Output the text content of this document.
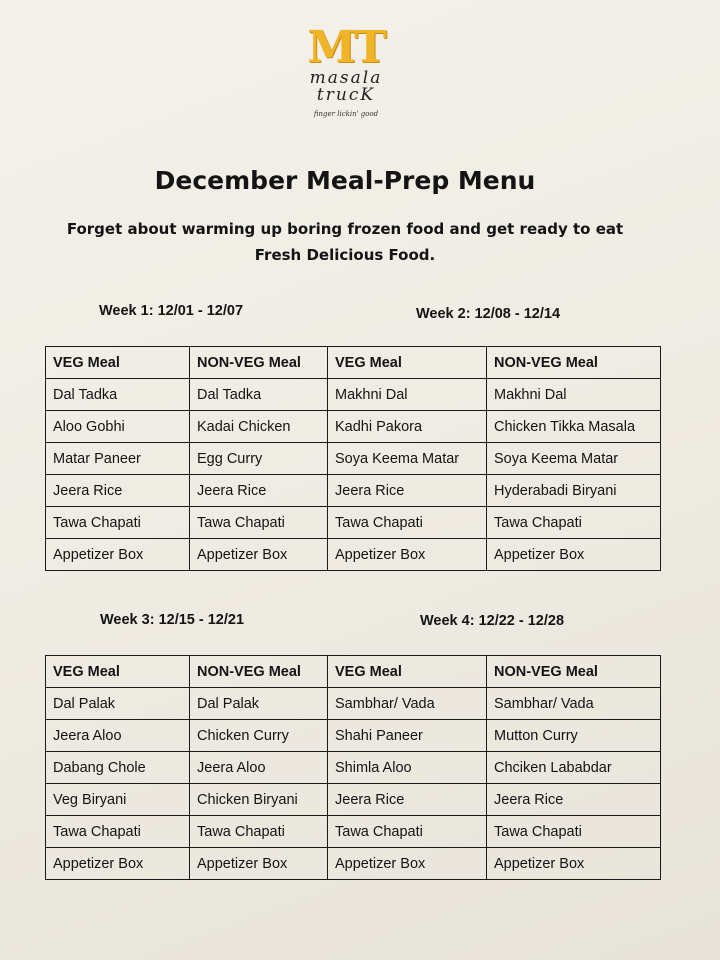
MT
masala
trucK
finger lickin' good
December Meal-Prep Menu

Forget about warming up boring frozen food and get ready to eat Fresh Delicious Food.

Week 1: 12/01 - 12/07	Week 2: 12/08 - 12/14
VEG Meal	NON-VEG Meal	VEG Meal	NON-VEG Meal
Dal Tadka	Dal Tadka	Makhni Dal	Makhni Dal
Aloo Gobhi	Kadai Chicken	Kadhi Pakora	Chicken Tikka Masala
Matar Paneer	Egg Curry	Soya Keema Matar	Soya Keema Matar
Jeera Rice	Jeera Rice	Jeera Rice	Hyderabadi Biryani
Tawa Chapati	Tawa Chapati	Tawa Chapati	Tawa Chapati
Appetizer Box	Appetizer Box	Appetizer Box	Appetizer Box
Week 3: 12/15 - 12/21	Week 4: 12/22 - 12/28
VEG Meal	NON-VEG Meal	VEG Meal	NON-VEG Meal
Dal Palak	Dal Palak	Sambhar/ Vada	Sambhar/ Vada
Jeera Aloo	Chicken Curry	Shahi Paneer	Mutton Curry
Dabang Chole	Jeera Aloo	Shimla Aloo	Chciken Lababdar
Veg Biryani	Chicken Biryani	Jeera Rice	Jeera Rice
Tawa Chapati	Tawa Chapati	Tawa Chapati	Tawa Chapati
Appetizer Box	Appetizer Box	Appetizer Box	Appetizer Box
